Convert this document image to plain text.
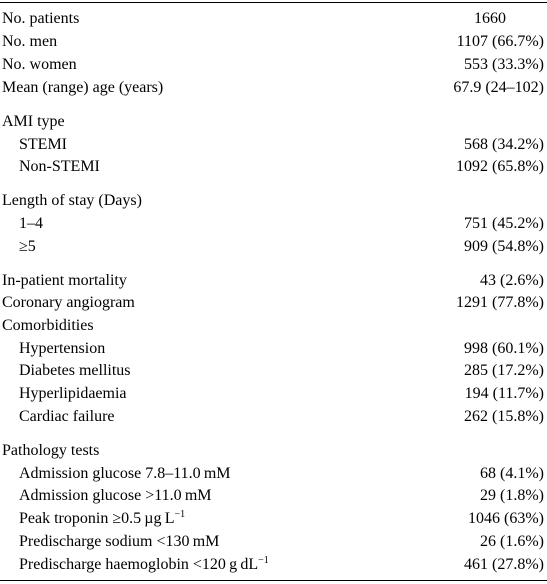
No. patients	1660
No. men	1107 (66.7%)
No. women	553 (33.3%)
Mean (range) age (years)	67.9 (24–102)
AMI type
STEMI	568 (34.2%)
Non-STEMI	1092 (65.8%)
Length of stay (Days)
1–4	751 (45.2%)
≥5	909 (54.8%)
In-patient mortality	43 (2.6%)
Coronary angiogram	1291 (77.8%)
Comorbidities
Hypertension	998 (60.1%)
Diabetes mellitus	285 (17.2%)
Hyperlipidaemia	194 (11.7%)
Cardiac failure	262 (15.8%)
Pathology tests
Admission glucose 7.8–11.0 mM	68 (4.1%)
Admission glucose >11.0 mM	29 (1.8%)
Peak troponin ≥0.5 µg $L^{-1}$	1046 (63%)
Predischarge sodium <130 mM	26 (1.6%)
Predischarge haemoglobin <120 g $dL^{-1}$	461 (27.8%)
